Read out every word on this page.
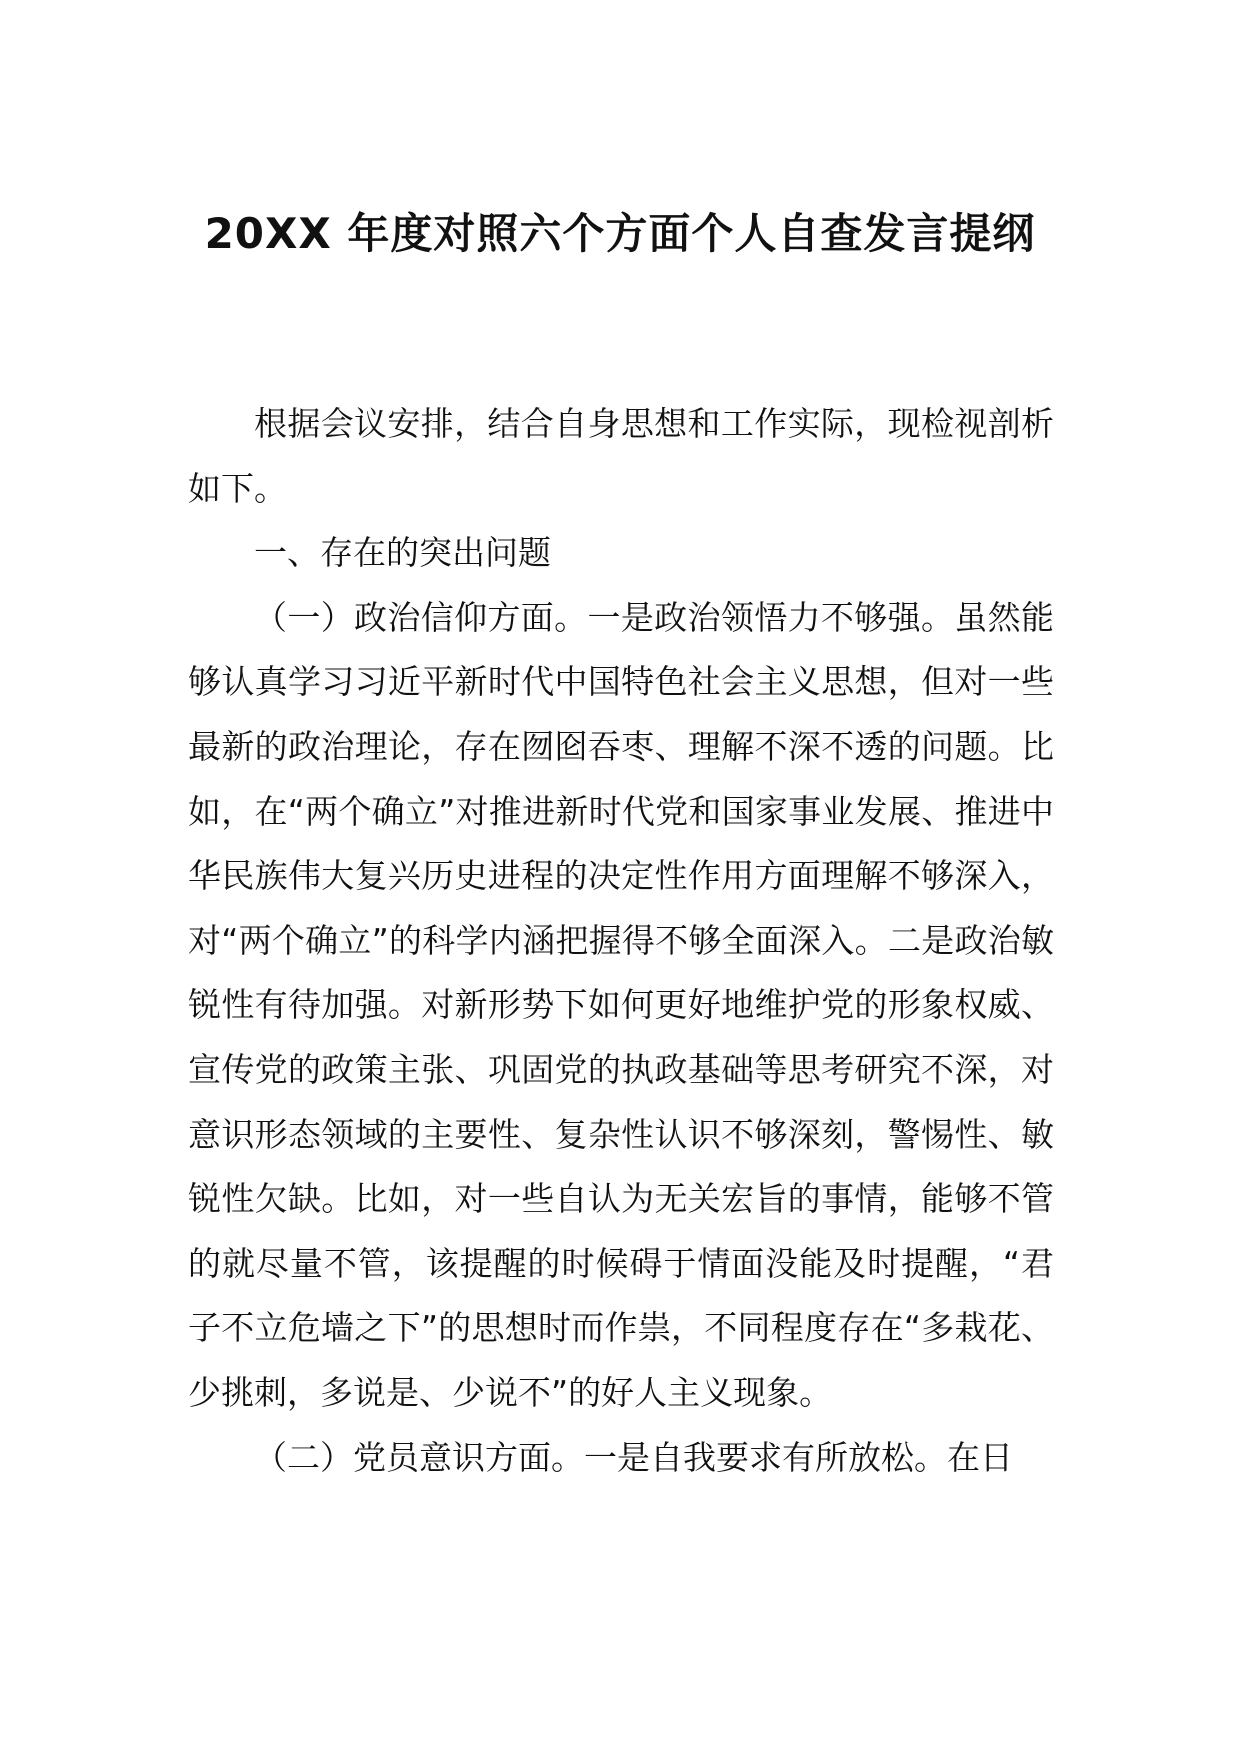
20XX 年度对照六个方面个人自查发言提纲

根据会议安排，结合自身思想和工作实际，现检视剖析如下。

一、存在的突出问题

（一）政治信仰方面。一是政治领悟力不够强。虽然能够认真学习习近平新时代中国特色社会主义思想，但对一些最新的政治理论，存在囫囵吞枣、理解不深不透的问题。比如，在“两个确立”对推进新时代党和国家事业发展、推进中华民族伟大复兴历史进程的决定性作用方面理解不够深入，对“两个确立”的科学内涵把握得不够全面深入。二是政治敏锐性有待加强。对新形势下如何更好地维护党的形象权威、宣传党的政策主张、巩固党的执政基础等思考研究不深，对意识形态领域的主要性、复杂性认识不够深刻，警惕性、敏锐性欠缺。比如，对一些自认为无关宏旨的事情，能够不管的就尽量不管，该提醒的时候碍于情面没能及时提醒，“君子不立危墙之下”的思想时而作祟，不同程度存在“多栽花、少挑刺，多说是、少说不”的好人主义现象。

（二）党员意识方面。一是自我要求有所放松。在日
